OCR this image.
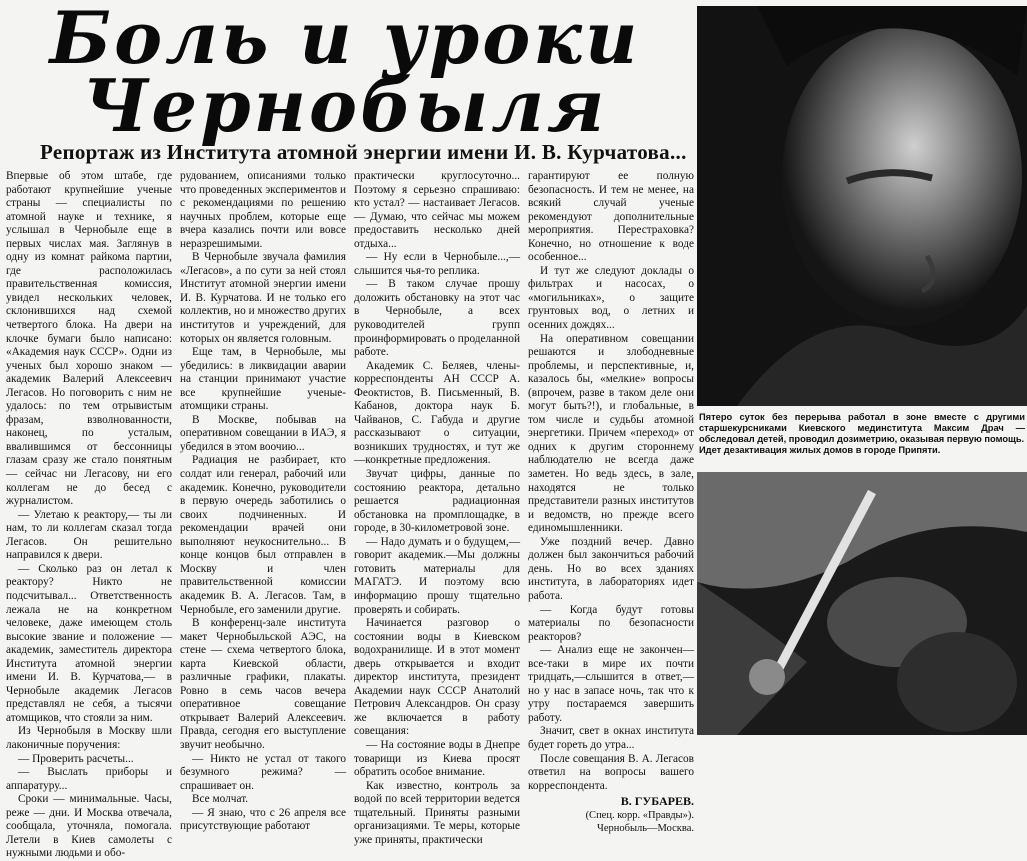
Боль и уроки
Чернобыля
Репортаж из Института атомной энергии имени И. В. Курчатова...

Впервые об этом штабе, где работают крупнейшие ученые страны — специалисты по атомной науке и технике, я услышал в Чернобыле еще в первых числах мая. Заглянув в одну из комнат райкома партии, где расположилась правительственная комиссия, увидел нескольких человек, склонившихся над схемой четвертого блока. На двери на клочке бумаги было написано: «Академия наук СССР». Одни из ученых был хорошо знаком — академик Валерий Алексеевич Легасов. Но поговорить с ним не удалось: по тем отрывистым фразам, взволнованности, наконец, по усталым, ввалившимся от бессонницы глазам сразу же стало понятным — сейчас ни Легасову, ни его коллегам не до бесед с журналистом.

— Улетаю к реактору,— ты ли нам, то ли коллегам сказал тогда Легасов. Он решительно направился к двери.

— Сколько раз он летал к реактору? Никто не подсчитывал... Ответственность лежала не на конкретном человеке, даже имеющем столь высокие звание и положение — академик, заместитель директора Института атомной энергии имени И. В. Курчатова,— в Чернобыле академик Легасов представлял не себя, а тысячи атомщиков, что стояли за ним.

Из Чернобыля в Москву шли лаконичные поручения:

— Проверить расчеты...

— Выслать приборы и аппаратуру...

Сроки — минимальные. Часы, реже — дни. И Москва отвечала, сообщала, уточняла, помогала. Летели в Киев самолеты с нужными людьми и обо-

рудованием, описаниями только что проведенных экспериментов и с рекомендациями по решению научных проблем, которые еще вчера казались почти или вовсе неразрешимыми.

В Чернобыле звучала фамилия «Легасов», а по сути за ней стоял Институт атомной энергии имени И. В. Курчатова. И не только его коллектив, но и множество других институтов и учреждений, для которых он является головным.

Еще там, в Чернобыле, мы убедились: в ликвидации аварии на станции принимают участие все крупнейшие ученые-атомщики страны.

В Москве, побывав на оперативном совещании в ИАЭ, я убедился в этом воочию...

Радиация не разбирает, кто солдат или генерал, рабочий или академик. Конечно, руководители в первую очередь заботились о своих подчиненных. И рекомендации врачей они выполняют неукоснительно... В конце концов был отправлен в Москву и член правительственной комиссии академик В. А. Легасов. Там, в Чернобыле, его заменили другие.

В конференц-зале института макет Чернобыльской АЭС, на стене — схема четвертого блока, карта Киевской области, различные графики, плакаты. Ровно в семь часов вечера оперативное совещание открывает Валерий Алексеевич. Правда, сегодня его выступление звучит необычно.

— Никто не устал от такого безумного режима? — спрашивает он.

Все молчат.

— Я знаю, что с 26 апреля все присутствующие работают

практически круглосуточно... Поэтому я серьезно спрашиваю: кто устал? — настаивает Легасов.— Думаю, что сейчас мы можем предоставить несколько дней отдыха...

— Ну если в Чернобыле...,— слышится чья-то реплика.

— В таком случае прошу доложить обстановку на этот час в Чернобыле, а всех руководителей групп проинформировать о проделанной работе.

Академик С. Беляев, члены-корреспонденты АН СССР А. Феоктистов, В. Письменный, В. Кабанов, доктора наук Б. Чайванов, С. Габуда и другие рассказывают о ситуации, возникших трудностях, и тут же—конкретные предложения.

Звучат цифры, данные по состоянию реактора, детально решается радиационная обстановка на промплощадке, в городе, в 30-километровой зоне.

— Надо думать и о будущем,— говорит академик.—Мы должны готовить материалы для МАГАТЭ. И поэтому всю информацию прошу тщательно проверять и собирать.

Начинается разговор о состоянии воды в Киевском водохранилище. И в этот момент дверь открывается и входит директор института, президент Академии наук СССР Анатолий Петрович Александров. Он сразу же включается в работу совещания:

— На состояние воды в Днепре товарищи из Киева просят обратить особое внимание.

Как известно, контроль за водой по всей территории ведется тщательный. Приняты разными организациями. Те меры, которые уже приняты, практически

гарантируют ее полную безопасность. И тем не менее, на всякий случай ученые рекомендуют дополнительные мероприятия. Перестраховка? Конечно, но отношение к воде особенное...

И тут же следуют доклады о фильтрах и насосах, о «могильниках», о защите грунтовых вод, о летних и осенних дождях...

На оперативном совещании решаются и злободневные проблемы, и перспективные, и, казалось бы, «мелкие» вопросы (впрочем, разве в таком деле они могут быть?!), и глобальные, в том числе и судьбы атомной энергетики. Причем «переход» от одних к другим стороннему наблюдателю не всегда даже заметен. Но ведь здесь, в зале, находятся не только представители разных институтов и ведомств, но прежде всего единомышленники.

Уже поздний вечер. Давно должен был закончиться рабочий день. Но во всех зданиях института, в лабораториях идет работа.

— Когда будут готовы материалы по безопасности реакторов?

— Анализ еще не закончен— все-таки в мире их почти тридцать,—слышится в ответ,—но у нас в запасе ночь, так что к утру постараемся завершить работу.

Значит, свет в окнах института будет гореть до утра...

После совещания В. А. Легасов ответил на вопросы вашего корреспондента.

В. ГУБАРЕВ.
(Спец. корр. «Правды»).
Чернобыль—Москва.

Пятеро суток без перерыва работал в зоне вместе с другими старшекурсниками Киевского мединститута Максим Драч — обследовал детей, проводил дозиметрию, оказывая первую помощь.

Идет дезактивация жилых домов в городе Припяти.
